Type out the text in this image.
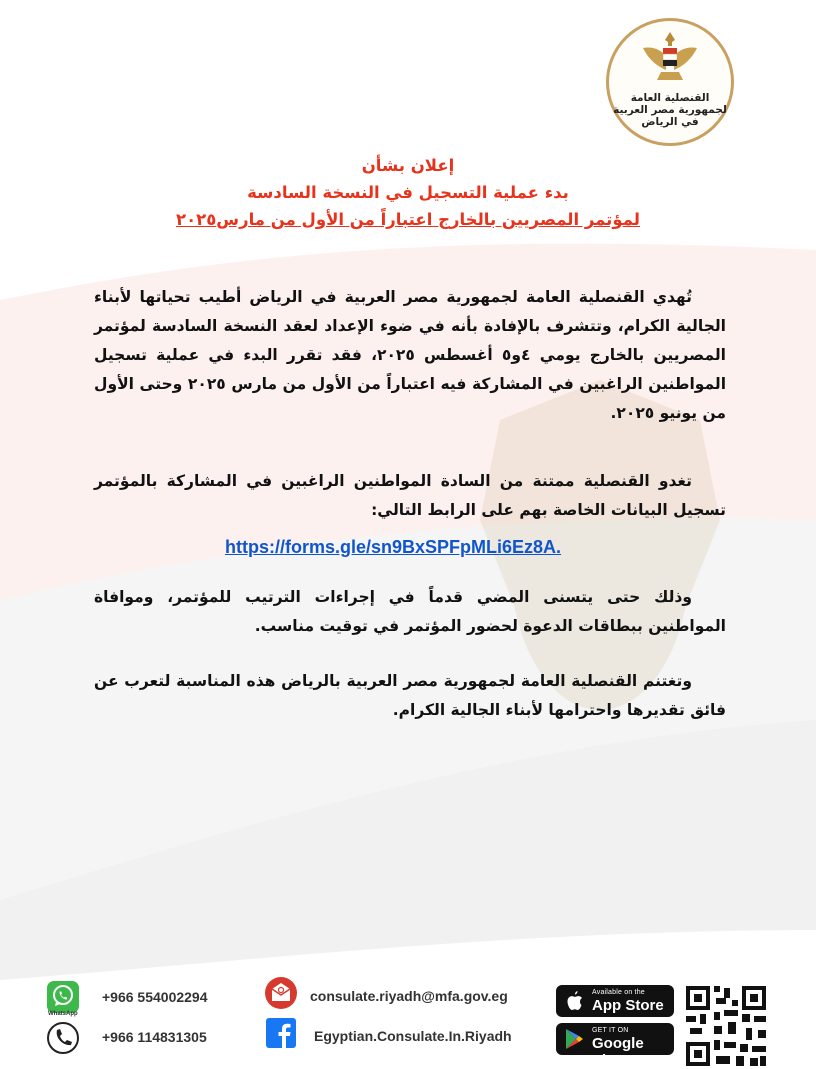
القنصلية العامة
لجمهورية مصر العربية
في الرياض
إعلان بشأن
بدء عملية التسجيل في النسخة السادسة
لمؤتمر المصريين بالخارج اعتباراً من الأول من مارس٢٠٢٥
تُهدي القنصلية العامة لجمهورية مصر العربية في الرياض أطيب تحياتها لأبناء الجالية الكرام، وتتشرف بالإفادة بأنه في ضوء الإعداد لعقد النسخة السادسة لمؤتمر المصريين بالخارج يومي ٤و٥ أغسطس ٢٠٢٥، فقد تقرر البدء في عملية تسجيل المواطنين الراغبين في المشاركة فيه اعتباراً من الأول من مارس ٢٠٢٥ وحتى الأول من يونيو ٢٠٢٥.
تغدو القنصلية ممتنة من السادة المواطنين الراغبين في المشاركة بالمؤتمر تسجيل البيانات الخاصة بهم على الرابط التالي:
https://forms.gle/sn9BxSPFpMLi6Ez8A.
وذلك حتى يتسنى المضي قدماً في إجراءات الترتيب للمؤتمر، وموافاة المواطنين ببطاقات الدعوة لحضور المؤتمر في توقيت مناسب.
وتغتنم القنصلية العامة لجمهورية مصر العربية بالرياض هذه المناسبة لتعرب عن فائق تقديرها واحترامها لأبناء الجالية الكرام.
WhatsApp
+966 554002294
+966 114831305
consulate.riyadh@mfa.gov.eg
Egyptian.Consulate.In.Riyadh
Available on the
App Store
GET IT ON
Google Play
